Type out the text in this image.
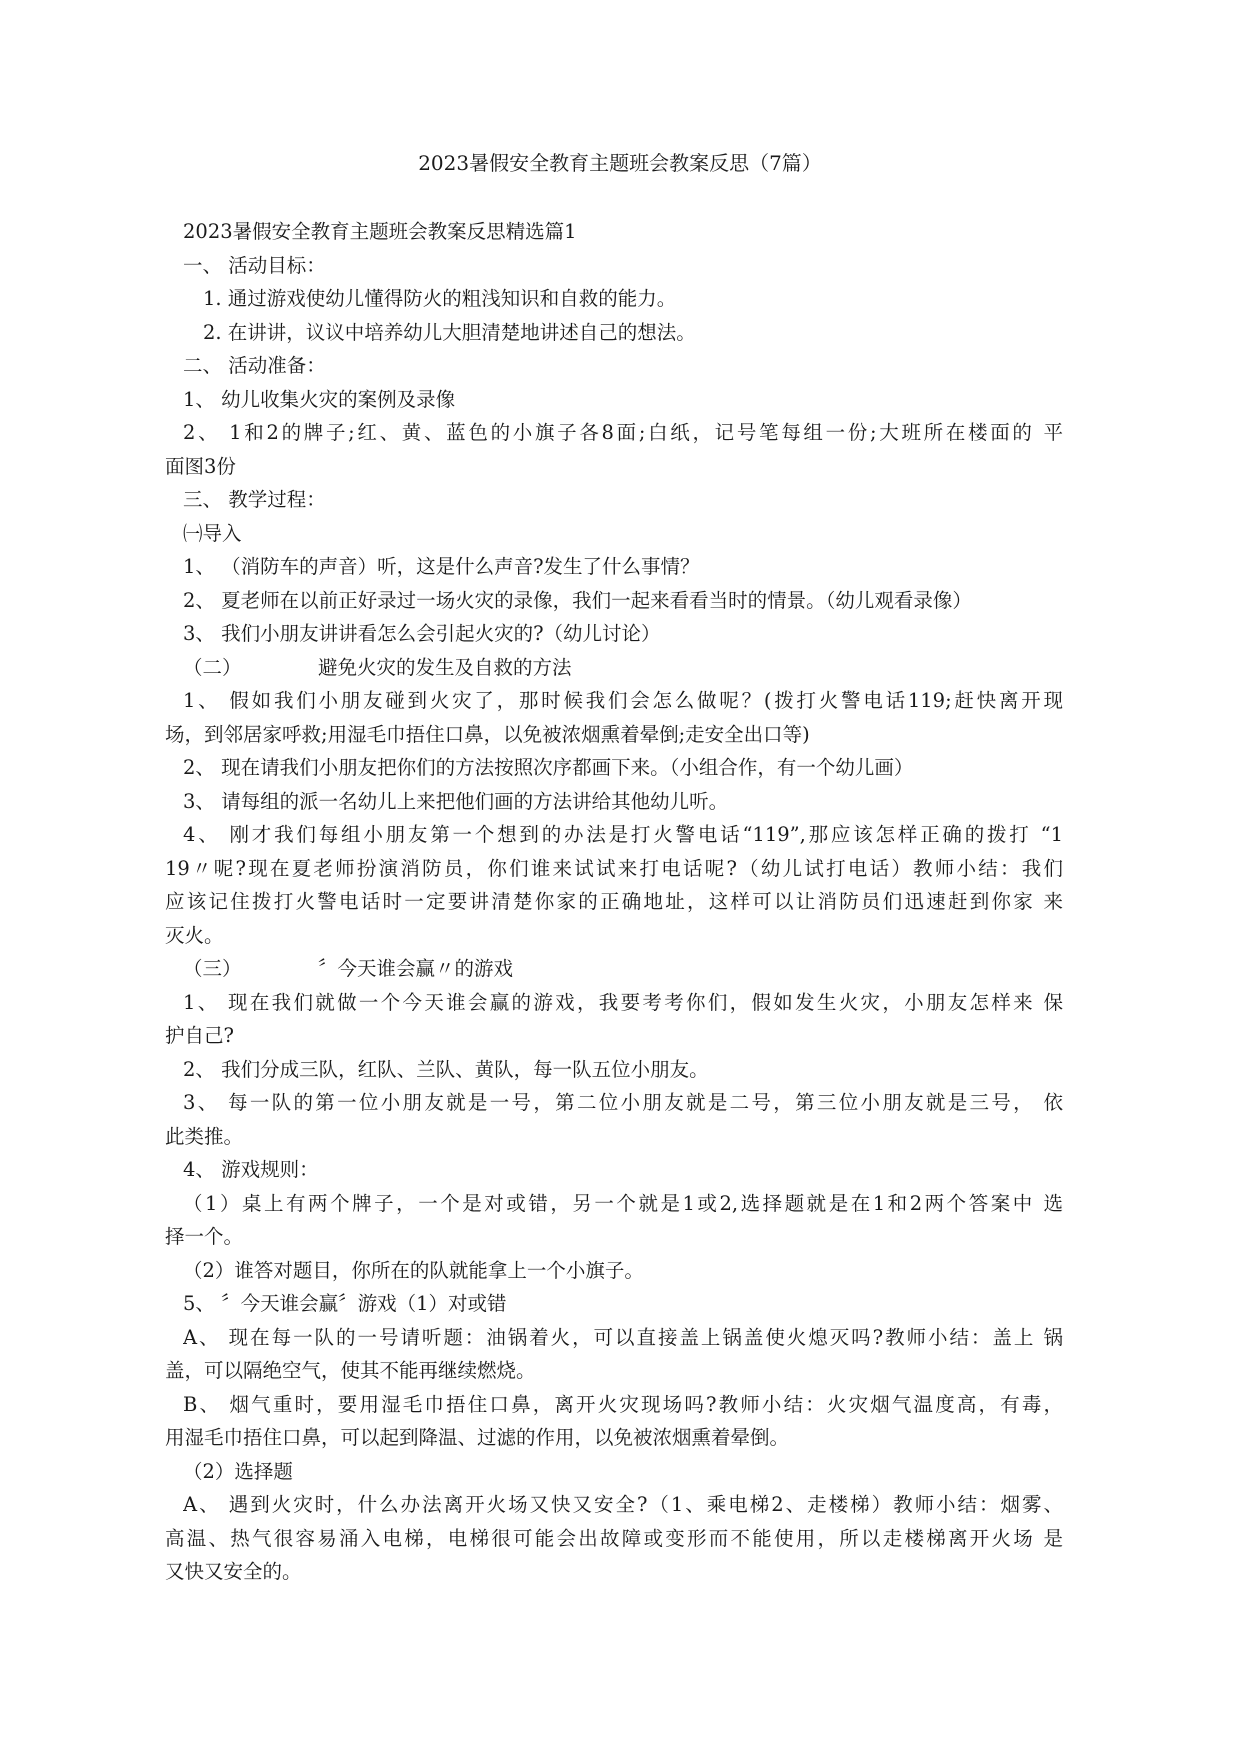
2023暑假安全教育主题班会教案反思（7篇）
2023暑假安全教育主题班会教案反思精选篇1
一、 活动目标：
1. 通过游戏使幼儿懂得防火的粗浅知识和自救的能力。
2. 在讲讲，议议中培养幼儿大胆清楚地讲述自己的想法。
二、 活动准备：
1、 幼儿收集火灾的案例及录像
2、 1和2的牌子;红、黄、蓝色的小旗子各8面;白纸，记号笔每组一份;大班所在楼面的 平
面图3份
三、 教学过程：
㈠导入
1、 （消防车的声音）听，这是什么声音?发生了什么事情？
2、 夏老师在以前正好录过一场火灾的录像，我们一起来看看当时的情景。（幼儿观看录像）
3、 我们小朋友讲讲看怎么会引起火灾的?（幼儿讨论）
（二）	避免火灾的发生及自救的方法
1、 假如我们小朋友碰到火灾了，那时候我们会怎么做呢？(拨打火警电话119;赶快离开现
场，到邻居家呼救;用湿毛巾捂住口鼻，以免被浓烟熏着晕倒;走安全出口等)
2、 现在请我们小朋友把你们的方法按照次序都画下来。（小组合作，有一个幼儿画）
3、 请每组的派一名幼儿上来把他们画的方法讲给其他幼儿听。
4、 刚才我们每组小朋友第一个想到的办法是打火警电话“119”,那应该怎样正确的拨打 “1
19〃呢?现在夏老师扮演消防员，你们谁来试试来打电话呢?（幼儿试打电话）教师小结：我们
应该记住拨打火警电话时一定要讲清楚你家的正确地址，这样可以让消防员们迅速赶到你家 来
灭火。
（三）	〞今天谁会赢〃的游戏
1、 现在我们就做一个今天谁会赢的游戏，我要考考你们，假如发生火灾，小朋友怎样来 保
护自己?
2、 我们分成三队，红队、兰队、黄队，每一队五位小朋友。
3、 每一队的第一位小朋友就是一号，第二位小朋友就是二号，第三位小朋友就是三号， 依
此类推。
4、 游戏规则：
（1）桌上有两个牌子，一个是对或错，另一个就是1或2,选择题就是在1和2两个答案中 选
择一个。
（2）谁答对题目，你所在的队就能拿上一个小旗子。
5、 〞今天谁会赢〞游戏（1）对或错
A、 现在每一队的一号请听题：油锅着火，可以直接盖上锅盖使火熄灭吗?教师小结：盖上 锅
盖，可以隔绝空气，使其不能再继续燃烧。
B、 烟气重时，要用湿毛巾捂住口鼻，离开火灾现场吗?教师小结：火灾烟气温度高，有毒，
用湿毛巾捂住口鼻，可以起到降温、过滤的作用，以免被浓烟熏着晕倒。
（2）选择题
A、 遇到火灾时，什么办法离开火场又快又安全?（1、乘电梯2、走楼梯）教师小结：烟雾、
高温、热气很容易涌入电梯，电梯很可能会出故障或变形而不能使用，所以走楼梯离开火场 是
又快又安全的。
